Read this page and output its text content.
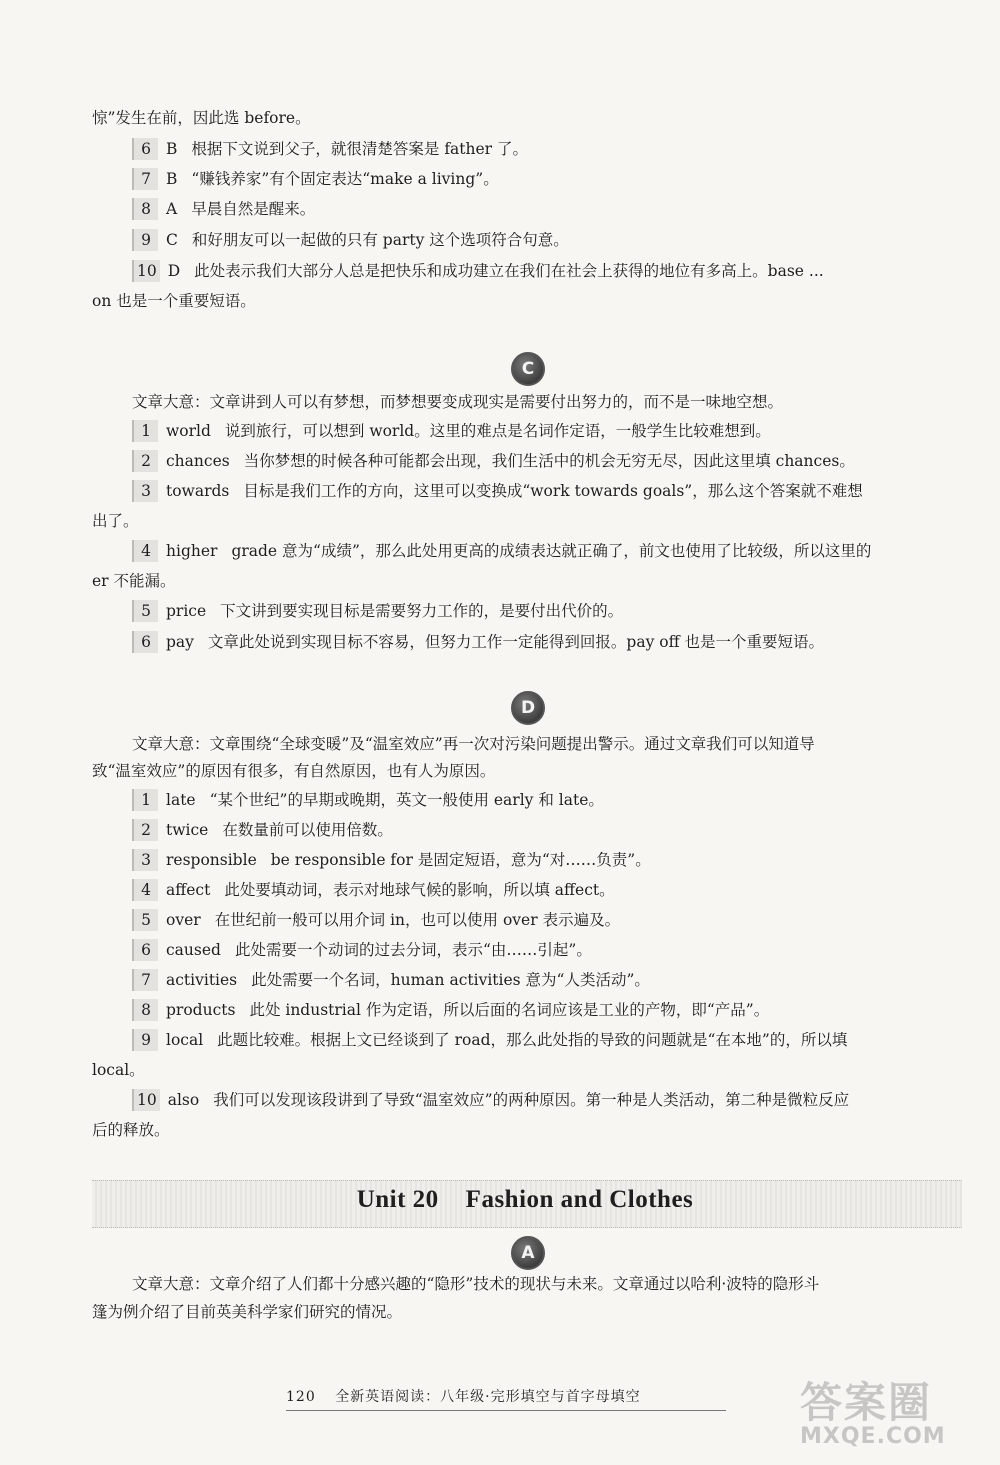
惊”发生在前，因此选 before。

6 B 根据下文说到父子，就很清楚答案是 father 了。

7 B “赚钱养家”有个固定表达“make a living”。

8 A 早晨自然是醒来。

9 C 和好朋友可以一起做的只有 party 这个选项符合句意。

10 D 此处表示我们大部分人总是把快乐和成功建立在我们在社会上获得的地位有多高上。base ...

on 也是一个重要短语。

C

文章大意：文章讲到人可以有梦想，而梦想要变成现实是需要付出努力的，而不是一味地空想。

1 world 说到旅行，可以想到 world。这里的难点是名词作定语，一般学生比较难想到。

2 chances 当你梦想的时候各种可能都会出现，我们生活中的机会无穷无尽，因此这里填 chances。

3 towards 目标是我们工作的方向，这里可以变换成“work towards goals”，那么这个答案就不难想

出了。

4 higher grade 意为“成绩”，那么此处用更高的成绩表达就正确了，前文也使用了比较级，所以这里的

er 不能漏。

5 price 下文讲到要实现目标是需要努力工作的，是要付出代价的。

6 pay 文章此处说到实现目标不容易，但努力工作一定能得到回报。pay off 也是一个重要短语。

D

文章大意：文章围绕“全球变暖”及“温室效应”再一次对污染问题提出警示。通过文章我们可以知道导

致“温室效应”的原因有很多，有自然原因，也有人为原因。

1 late “某个世纪”的早期或晚期，英文一般使用 early 和 late。

2 twice 在数量前可以使用倍数。

3 responsible be responsible for 是固定短语，意为“对……负责”。

4 affect 此处要填动词，表示对地球气候的影响，所以填 affect。

5 over 在世纪前一般可以用介词 in，也可以使用 over 表示遍及。

6 caused 此处需要一个动词的过去分词，表示“由……引起”。

7 activities 此处需要一个名词，human activities 意为“人类活动”。

8 products 此处 industrial 作为定语，所以后面的名词应该是工业的产物，即“产品”。

9 local 此题比较难。根据上文已经谈到了 road，那么此处指的导致的问题就是“在本地”的，所以填

local。

10 also 我们可以发现该段讲到了导致“温室效应”的两种原因。第一种是人类活动，第二种是微粒反应

后的释放。

Unit 20    Fashion and Clothes
A

文章大意：文章介绍了人们都十分感兴趣的“隐形”技术的现状与未来。文章通过以哈利·波特的隐形斗

篷为例介绍了目前英美科学家们研究的情况。

120 全新英语阅读：八年级·完形填空与首字母填空	答案圈
MXQE.COM
